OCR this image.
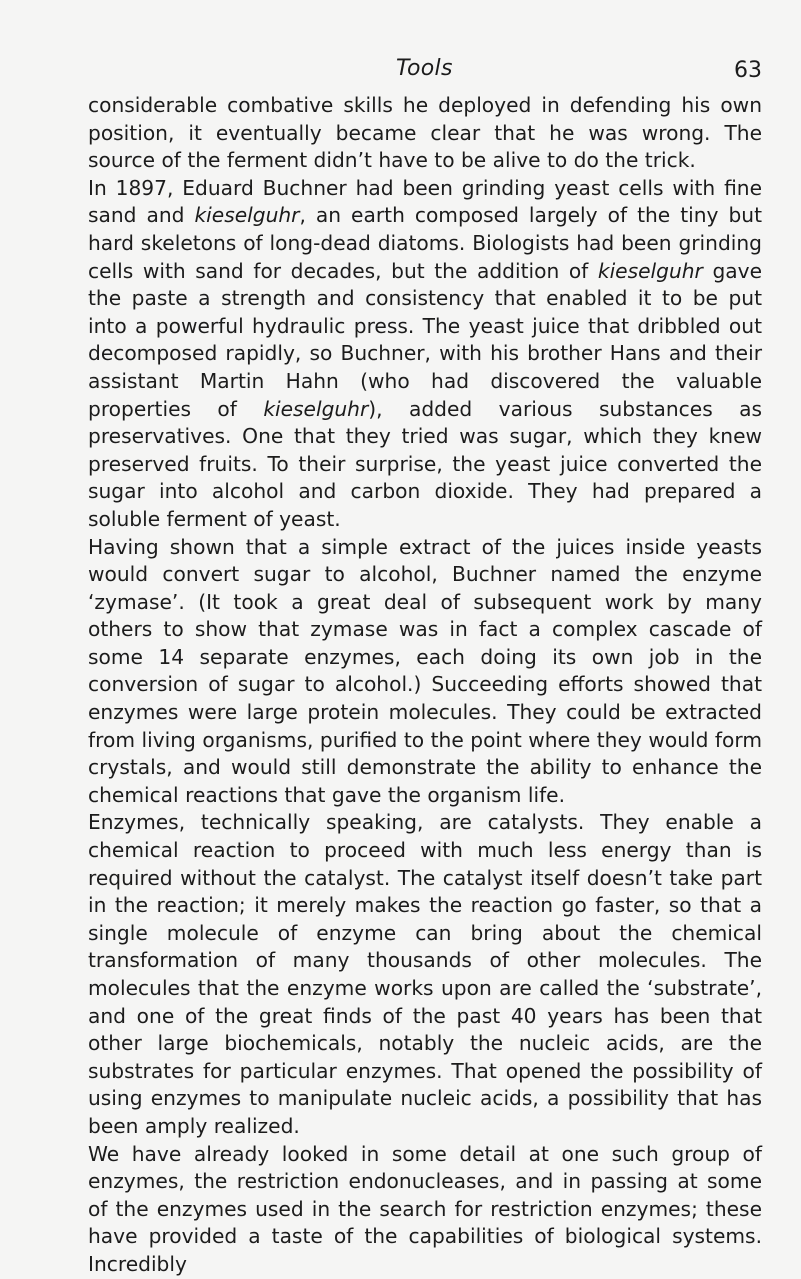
Tools	63

considerable combative skills he deployed in defending his own position, it eventually became clear that he was wrong. The source of the ferment didn’t have to be alive to do the trick.

In 1897, Eduard Buchner had been grinding yeast cells with fine sand and kieselguhr, an earth composed largely of the tiny but hard skeletons of long-dead diatoms. Biologists had been grinding cells with sand for decades, but the addition of kieselguhr gave the paste a strength and consistency that enabled it to be put into a powerful hydraulic press. The yeast juice that dribbled out decomposed rapidly, so Buchner, with his brother Hans and their assistant Martin Hahn (who had discovered the valuable properties of kieselguhr), added various substances as preservatives. One that they tried was sugar, which they knew preserved fruits. To their surprise, the yeast juice converted the sugar into alcohol and carbon dioxide. They had prepared a soluble ferment of yeast.

Having shown that a simple extract of the juices inside yeasts would convert sugar to alcohol, Buchner named the enzyme ‘zymase’. (It took a great deal of subsequent work by many others to show that zymase was in fact a complex cascade of some 14 separate enzymes, each doing its own job in the conversion of sugar to alcohol.) Succeeding efforts showed that enzymes were large protein molecules. They could be extracted from living organisms, purified to the point where they would form crystals, and would still demonstrate the ability to enhance the chemical reactions that gave the organism life.

Enzymes, technically speaking, are catalysts. They enable a chemical reaction to proceed with much less energy than is required without the catalyst. The catalyst itself doesn’t take part in the reaction; it merely makes the reaction go faster, so that a single molecule of enzyme can bring about the chemical transformation of many thousands of other molecules. The molecules that the enzyme works upon are called the ‘substrate’, and one of the great finds of the past 40 years has been that other large biochemicals, notably the nucleic acids, are the substrates for particular enzymes. That opened the possibility of using enzymes to manipulate nucleic acids, a possibility that has been amply realized.

We have already looked in some detail at one such group of enzymes, the restriction endonucleases, and in passing at some of the enzymes used in the search for restriction enzymes; these have provided a taste of the capabilities of biological systems. Incredibly
